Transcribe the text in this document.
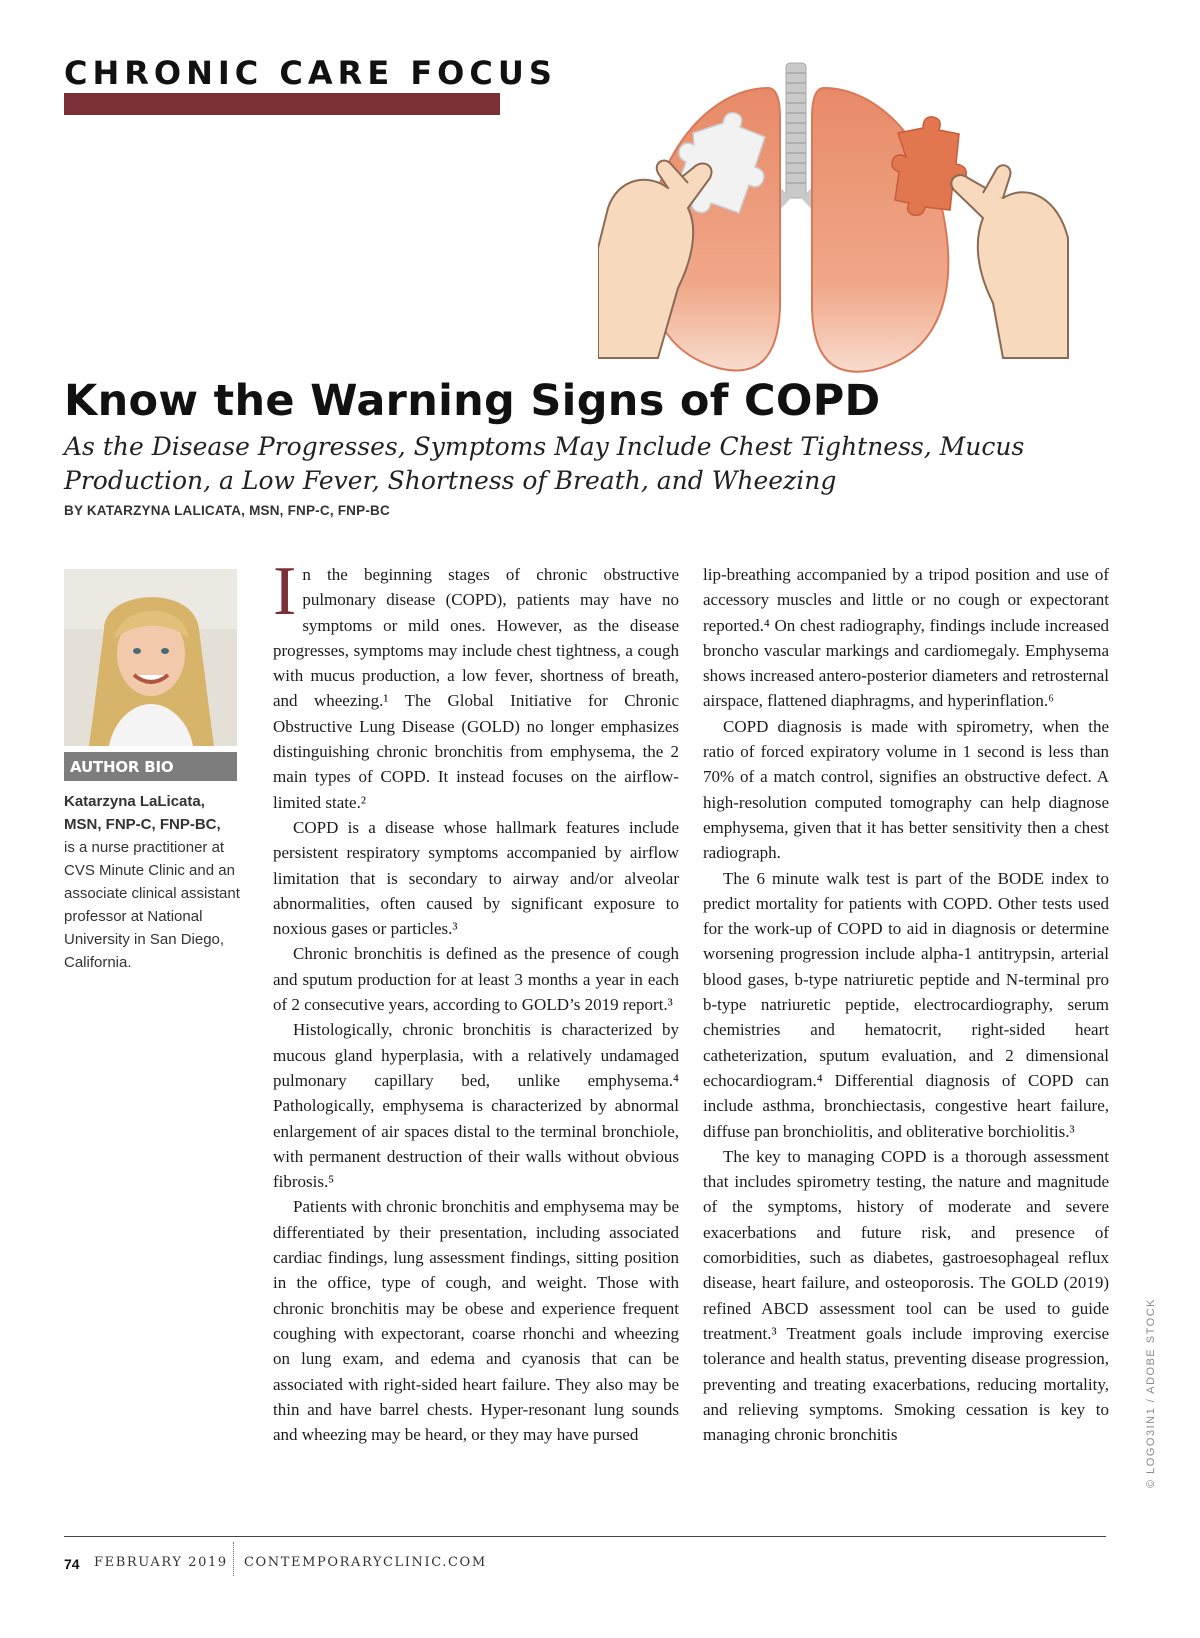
CHRONIC CARE FOCUS
Know the Warning Signs of COPD
As the Disease Progresses, Symptoms May Include Chest Tightness, Mucus Production, a Low Fever, Shortness of Breath, and Wheezing
BY KATARZYNA LALICATA, MSN, FNP-C, FNP-BC
AUTHOR BIO
Katarzyna LaLicata, MSN, FNP-C, FNP-BC,
is a nurse practitioner at CVS Minute Clinic and an associate clinical assistant professor at National University in San Diego, California.

In the beginning stages of chronic obstructive pulmonary disease (COPD), patients may have no symptoms or mild ones. However, as the disease progresses, symptoms may include chest tightness, a cough with mucus production, a low fever, shortness of breath, and wheezing.¹ The Global Initiative for Chronic Obstructive Lung Disease (GOLD) no longer emphasizes distinguishing chronic bronchitis from emphysema, the 2 main types of COPD. It instead focuses on the airflow-limited state.²

COPD is a disease whose hallmark features include persistent respiratory symptoms accompanied by airflow limitation that is secondary to airway and/or alveolar abnormalities, often caused by significant exposure to noxious gases or particles.³

Chronic bronchitis is defined as the presence of cough and sputum production for at least 3 months a year in each of 2 consecutive years, according to GOLD’s 2019 report.³

Histologically, chronic bronchitis is characterized by mucous gland hyperplasia, with a relatively undamaged pulmonary capillary bed, unlike emphysema.⁴ Pathologically, emphysema is characterized by abnormal enlargement of air spaces distal to the terminal bronchiole, with permanent destruction of their walls without obvious fibrosis.⁵

Patients with chronic bronchitis and emphysema may be differentiated by their presentation, including associated cardiac findings, lung assessment findings, sitting position in the office, type of cough, and weight. Those with chronic bronchitis may be obese and experience frequent coughing with expectorant, coarse rhonchi and wheezing on lung exam, and edema and cyanosis that can be associated with right-sided heart failure. They also may be thin and have barrel chests. Hyper-resonant lung sounds and wheezing may be heard, or they may have pursed

lip-breathing accompanied by a tripod position and use of accessory muscles and little or no cough or expectorant reported.⁴ On chest radiography, findings include increased broncho vascular markings and cardiomegaly. Emphysema shows increased antero-posterior diameters and retrosternal airspace, flattened diaphragms, and hyperinflation.⁶

COPD diagnosis is made with spirometry, when the ratio of forced expiratory volume in 1 second is less than 70% of a match control, signifies an obstructive defect. A high-resolution computed tomography can help diagnose emphysema, given that it has better sensitivity then a chest radiograph.

The 6 minute walk test is part of the BODE index to predict mortality for patients with COPD. Other tests used for the work-up of COPD to aid in diagnosis or determine worsening progression include alpha-1 antitrypsin, arterial blood gases, b-type natriuretic peptide and N-terminal pro b-type natriuretic peptide, electrocardiography, serum chemistries and hematocrit, right-sided heart catheterization, sputum evaluation, and 2 dimensional echocardiogram.⁴ Differential diagnosis of COPD can include asthma, bronchiectasis, congestive heart failure, diffuse pan bronchiolitis, and obliterative borchiolitis.³

The key to managing COPD is a thorough assessment that includes spirometry testing, the nature and magnitude of the symptoms, history of moderate and severe exacerbations and future risk, and presence of comorbidities, such as diabetes, gastroesophageal reflux disease, heart failure, and osteoporosis. The GOLD (2019) refined ABCD assessment tool can be used to guide treatment.³ Treatment goals include improving exercise tolerance and health status, preventing disease progression, preventing and treating exacerbations, reducing mortality, and relieving symptoms. Smoking cessation is key to managing chronic bronchitis	© LOGO3IN1 / ADOBE STOCK
74 FEBRUARY 2019 CONTEMPORARYCLINIC.COM
